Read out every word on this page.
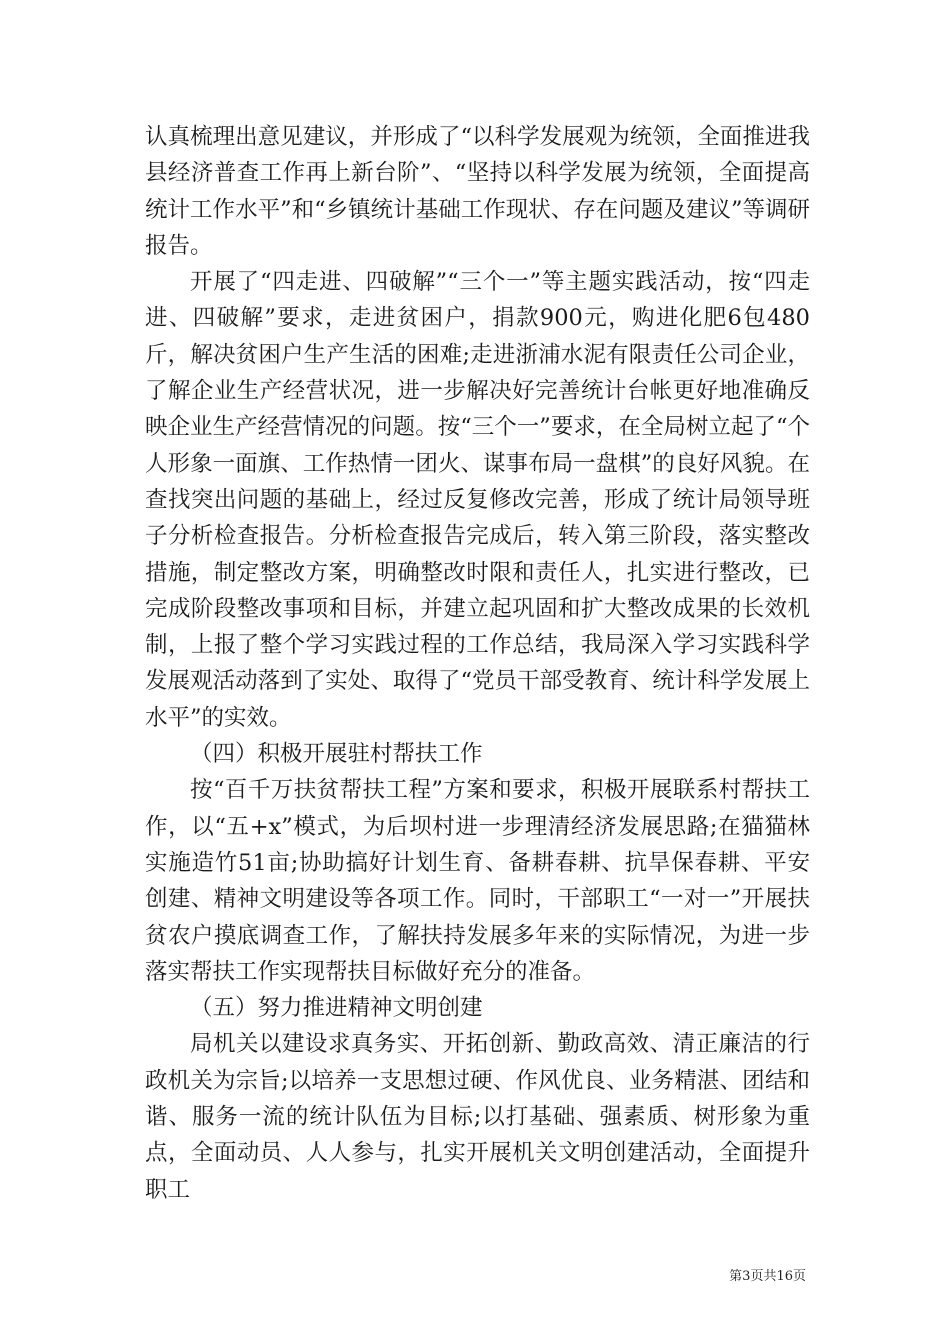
认真梳理出意见建议，并形成了“以科学发展观为统领，全面推进我县经济普查工作再上新台阶”、“坚持以科学发展为统领，全面提高统计工作水平”和“乡镇统计基础工作现状、存在问题及建议”等调研报告。

开展了“四走进、四破解”“三个一”等主题实践活动，按“四走进、四破解”要求，走进贫困户，捐款900元，购进化肥6包480斤，解决贫困户生产生活的困难;走进浙浦水泥有限责任公司企业，了解企业生产经营状况，进一步解决好完善统计台帐更好地准确反映企业生产经营情况的问题。按“三个一”要求，在全局树立起了“个人形象一面旗、工作热情一团火、谋事布局一盘棋”的良好风貌。在查找突出问题的基础上，经过反复修改完善，形成了统计局领导班子分析检查报告。分析检查报告完成后，转入第三阶段，落实整改措施，制定整改方案，明确整改时限和责任人，扎实进行整改，已完成阶段整改事项和目标，并建立起巩固和扩大整改成果的长效机制，上报了整个学习实践过程的工作总结，我局深入学习实践科学发展观活动落到了实处、取得了“党员干部受教育、统计科学发展上水平”的实效。

（四）积极开展驻村帮扶工作

按“百千万扶贫帮扶工程”方案和要求，积极开展联系村帮扶工作，以“五+x”模式，为后坝村进一步理清经济发展思路;在猫猫林实施造竹51亩;协助搞好计划生育、备耕春耕、抗旱保春耕、平安创建、精神文明建设等各项工作。同时，干部职工“一对一”开展扶贫农户摸底调查工作，了解扶持发展多年来的实际情况，为进一步落实帮扶工作实现帮扶目标做好充分的准备。

（五）努力推进精神文明创建

局机关以建设求真务实、开拓创新、勤政高效、清正廉洁的行政机关为宗旨;以培养一支思想过硬、作风优良、业务精湛、团结和谐、服务一流的统计队伍为目标;以打基础、强素质、树形象为重点，全面动员、人人参与，扎实开展机关文明创建活动，全面提升职工

第3页共16页
